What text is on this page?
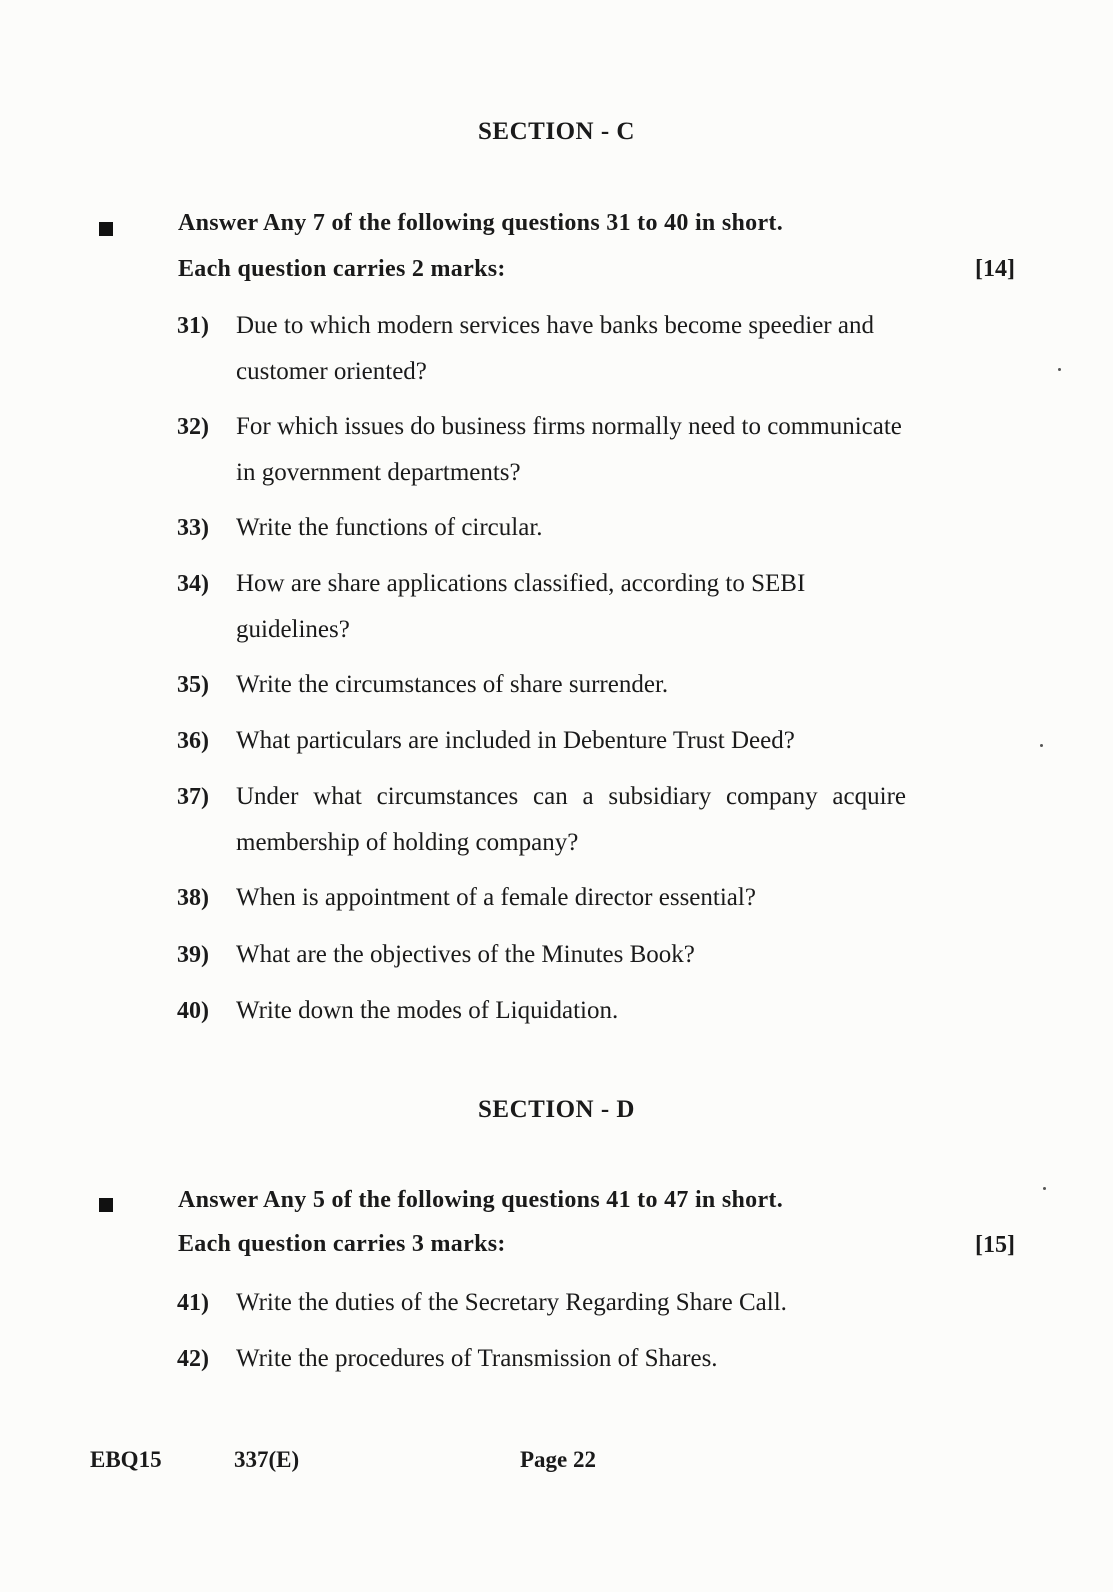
SECTION - C
Answer Any 7 of the following questions 31 to 40 in short.
Each question carries 2 marks:	[14]
31) Due to which modern services have banks become speedier and customer oriented?
32) For which issues do business firms normally need to communicate in government departments?
33) Write the functions of circular.
34) How are share applications classified, according to SEBI guidelines?
35) Write the circumstances of share surrender.
36) What particulars are included in Debenture Trust Deed?
37) Under what circumstances can a subsidiary company acquire membership of holding company?
38) When is appointment of a female director essential?
39) What are the objectives of the Minutes Book?
40) Write down the modes of Liquidation.
SECTION - D
Answer Any 5 of the following questions 41 to 47 in short.
Each question carries 3 marks:	[15]
41) Write the duties of the Secretary Regarding Share Call.
42) Write the procedures of Transmission of Shares.
EBQ15	337(E)	Page 22
